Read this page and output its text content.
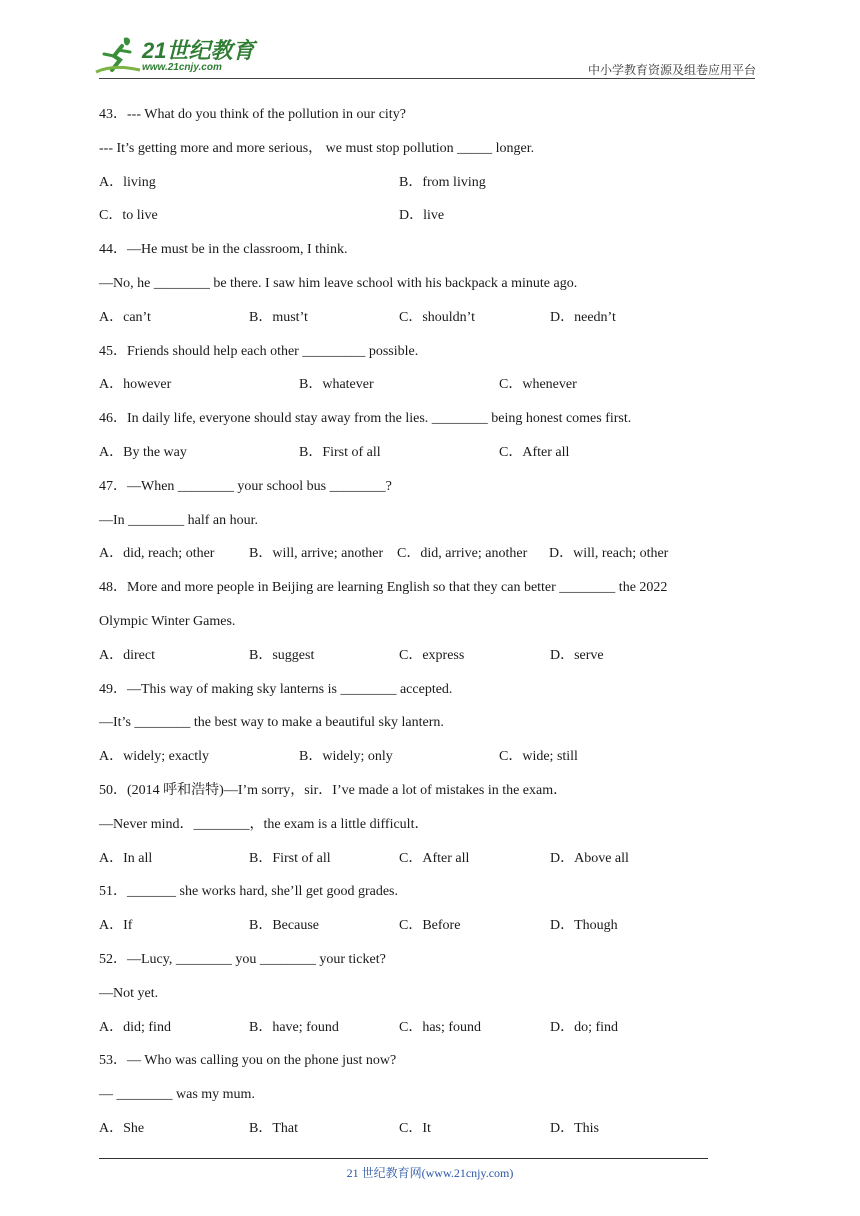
21世纪教育
www.21cnjy.com	中小学教育资源及组卷应用平台
43．--- What do you think of the pollution in our city?
--- It’s getting more and more serious， we must stop pollution _____ longer.
A．living	B．from living
C．to live	D．live
44．—He must be in the classroom, I think.
—No, he ________ be there. I saw him leave school with his backpack a minute ago.
A．can’t	B．must’t	C．shouldn’t	D．needn’t
45．Friends should help each other _________ possible.
A．however	B．whatever	C．whenever
46．In daily life, everyone should stay away from the lies. ________ being honest comes first.
A．By the way	B．First of all	C．After all
47．—When ________ your school bus ________?
—In ________ half an hour.
A．did, reach; other B．will, arrive; another C．did, arrive; another D．will, reach; other
48．More and more people in Beijing are learning English so that they can better ________ the 2022
Olympic Winter Games.
A．direct	B．suggest	C．express	D．serve
49．—This way of making sky lanterns is ________ accepted.
—It’s ________ the best way to make a beautiful sky lantern.
A．widely; exactly	B．widely; only	C．wide; still
50．(2014 呼和浩特)—I’m sorry，sir．I’ve made a lot of mistakes in the exam．
—Never mind．________，the exam is a little difficult．
A．In all	B．First of all	C．After all	D．Above all
51．_______ she works hard, she’ll get good grades.
A．If	B．Because	C．Before	D．Though
52．—Lucy, ________ you ________ your ticket?
—Not yet.
A．did; find	B．have; found	C．has; found	D．do; find
53．— Who was calling you on the phone just now?
— ________ was my mum.
A．She	B．That	C．It	D．This
21 世纪教育网(www.21cnjy.com)
